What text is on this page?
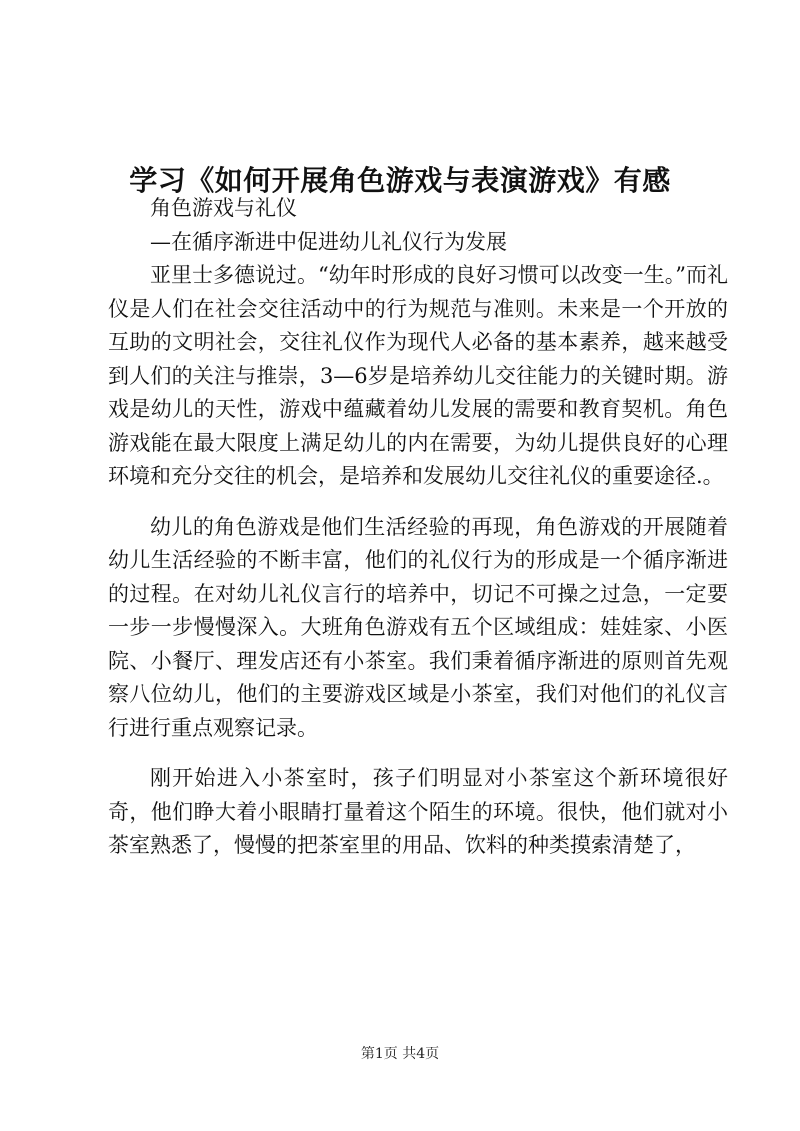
学习《如何开展角色游戏与表演游戏》有感

角色游戏与礼仪

—在循序渐进中促进幼儿礼仪行为发展

亚里士多德说过。“幼年时形成的良好习惯可以改变一生。”而礼仪是人们在社会交往活动中的行为规范与准则。未来是一个开放的互助的文明社会，交往礼仪作为现代人必备的基本素养，越来越受到人们的关注与推崇，3—6岁是培养幼儿交往能力的关键时期。游戏是幼儿的天性，游戏中蕴藏着幼儿发展的需要和教育契机。角色游戏能在最大限度上满足幼儿的内在需要，为幼儿提供良好的心理环境和充分交往的机会，是培养和发展幼儿交往礼仪的重要途径.。

幼儿的角色游戏是他们生活经验的再现，角色游戏的开展随着幼儿生活经验的不断丰富，他们的礼仪行为的形成是一个循序渐进的过程。在对幼儿礼仪言行的培养中，切记不可操之过急，一定要一步一步慢慢深入。大班角色游戏有五个区域组成：娃娃家、小医院、小餐厅、理发店还有小茶室。我们秉着循序渐进的原则首先观察八位幼儿，他们的主要游戏区域是小茶室，我们对他们的礼仪言行进行重点观察记录。

刚开始进入小茶室时，孩子们明显对小茶室这个新环境很好奇，他们睁大着小眼睛打量着这个陌生的环境。很快，他们就对小茶室熟悉了，慢慢的把茶室里的用品、饮料的种类摸索清楚了，

第1页 共4页
